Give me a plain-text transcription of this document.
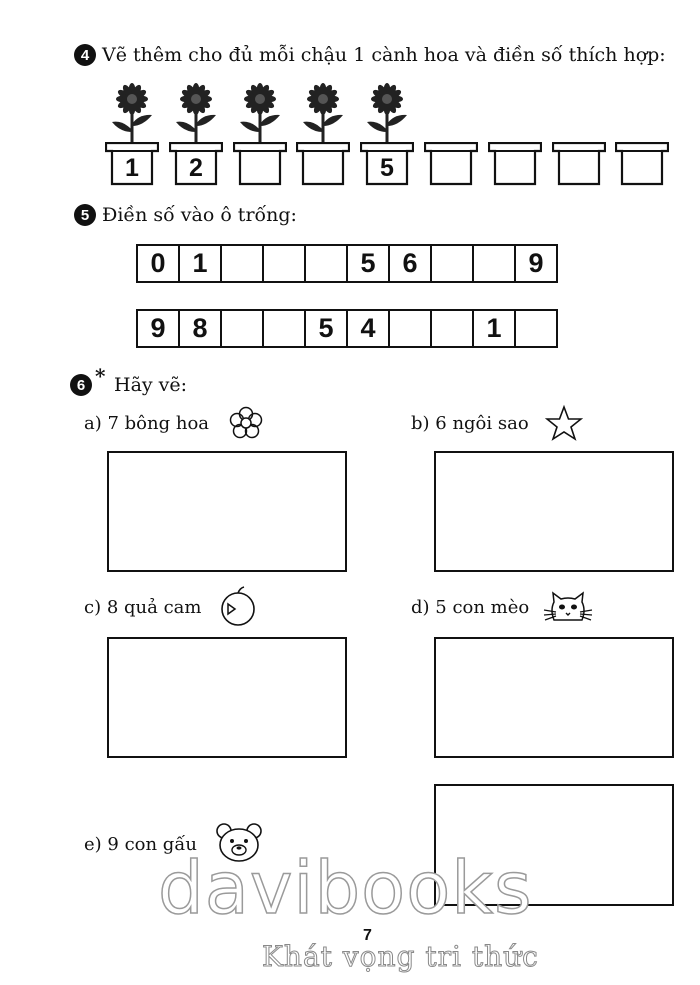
4 Vẽ thêm cho đủ mỗi chậu 1 cành hoa và điền số thích hợp:
1	2	5
5 Điền số vào ô trống:
0 1	5 6	9
9 8	5 4	1
6 * Hãy vẽ:
a) 7 bông hoa	b) 6 ngôi sao
c) 8 quả cam	d) 5 con mèo
e) 9 con gấu
davibooks
7
Khát vọng tri thức
